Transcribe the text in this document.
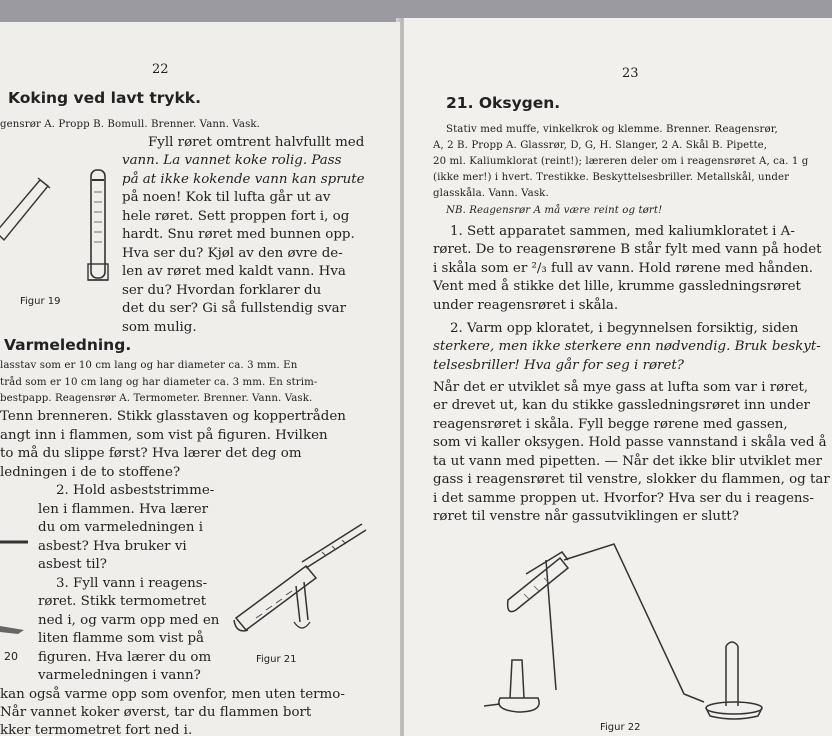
22
Koking ved lavt trykk.
gensrør A. Propp B. Bomull. Brenner. Vann. Vask.
Fyll røret omtrent halvfullt med
vann. La vannet koke rolig. Pass
på at ikke kokende vann kan sprute
på noen! Kok til lufta går ut av
hele røret. Sett proppen fort i, og
hardt. Snu røret med bunnen opp.
Hva ser du? Kjøl av den øvre de-
len av røret med kaldt vann. Hva
ser du? Hvordan forklarer du
det du ser? Gi så fullstendig svar
som mulig.
Figur 19
Varmeledning.
lasstav som er 10 cm lang og har diameter ca. 3 mm. En
tråd som er 10 cm lang og har diameter ca. 3 mm. En strim-
bestpapp. Reagensrør A. Termometer. Brenner. Vann. Vask.
Tenn brenneren. Stikk glasstaven og koppertråden
angt inn i flammen, som vist på figuren. Hvilken
to må du slippe først? Hva lærer det deg om
ledningen i de to stoffene?
2. Hold asbeststrimme-
len i flammen. Hva lærer
du om varmeledningen i
asbest? Hva bruker vi
asbest til?
3. Fyll vann i reagens-
røret. Stikk termometret
ned i, og varm opp med en
liten flamme som vist på
figuren. Hva lærer du om
varmeledningen i vann?
20	Figur 21
kan også varme opp som ovenfor, men uten termo-
Når vannet koker øverst, tar du flammen bort
kker termometret fort ned i.
23
21. Oksygen.
Stativ med muffe, vinkelkrok og klemme. Brenner. Reagensrør,
A, 2 B. Propp A. Glassrør, D, G, H. Slanger, 2 A. Skål B. Pipette,
20 ml. Kaliumklorat (reint!); læreren deler om i reagensrøret A, ca. 1 g
(ikke mer!) i hvert. Trestikke. Beskyttelsesbriller. Metallskål, under
glasskåla. Vann. Vask.
NB. Reagensrør A må være reint og tørt!
1. Sett apparatet sammen, med kaliumkloratet i A-
røret. De to reagensrørene B står fylt med vann på hodet
i skåla som er ²/₃ full av vann. Hold rørene med hånden.
Vent med å stikke det lille, krumme gassledningsrøret
under reagensrøret i skåla.
2. Varm opp kloratet, i begynnelsen forsiktig, siden
sterkere, men ikke sterkere enn nødvendig. Bruk beskyt-
telsesbriller! Hva går for seg i røret?
Når det er utviklet så mye gass at lufta som var i røret,
er drevet ut, kan du stikke gassledningsrøret inn under
reagensrøret i skåla. Fyll begge rørene med gassen,
som vi kaller oksygen. Hold passe vannstand i skåla ved å
ta ut vann med pipetten. — Når det ikke blir utviklet mer
gass i reagensrøret til venstre, slokker du flammen, og tar
i det samme proppen ut. Hvorfor? Hva ser du i reagens-
røret til venstre når gassutviklingen er slutt?
Figur 22
